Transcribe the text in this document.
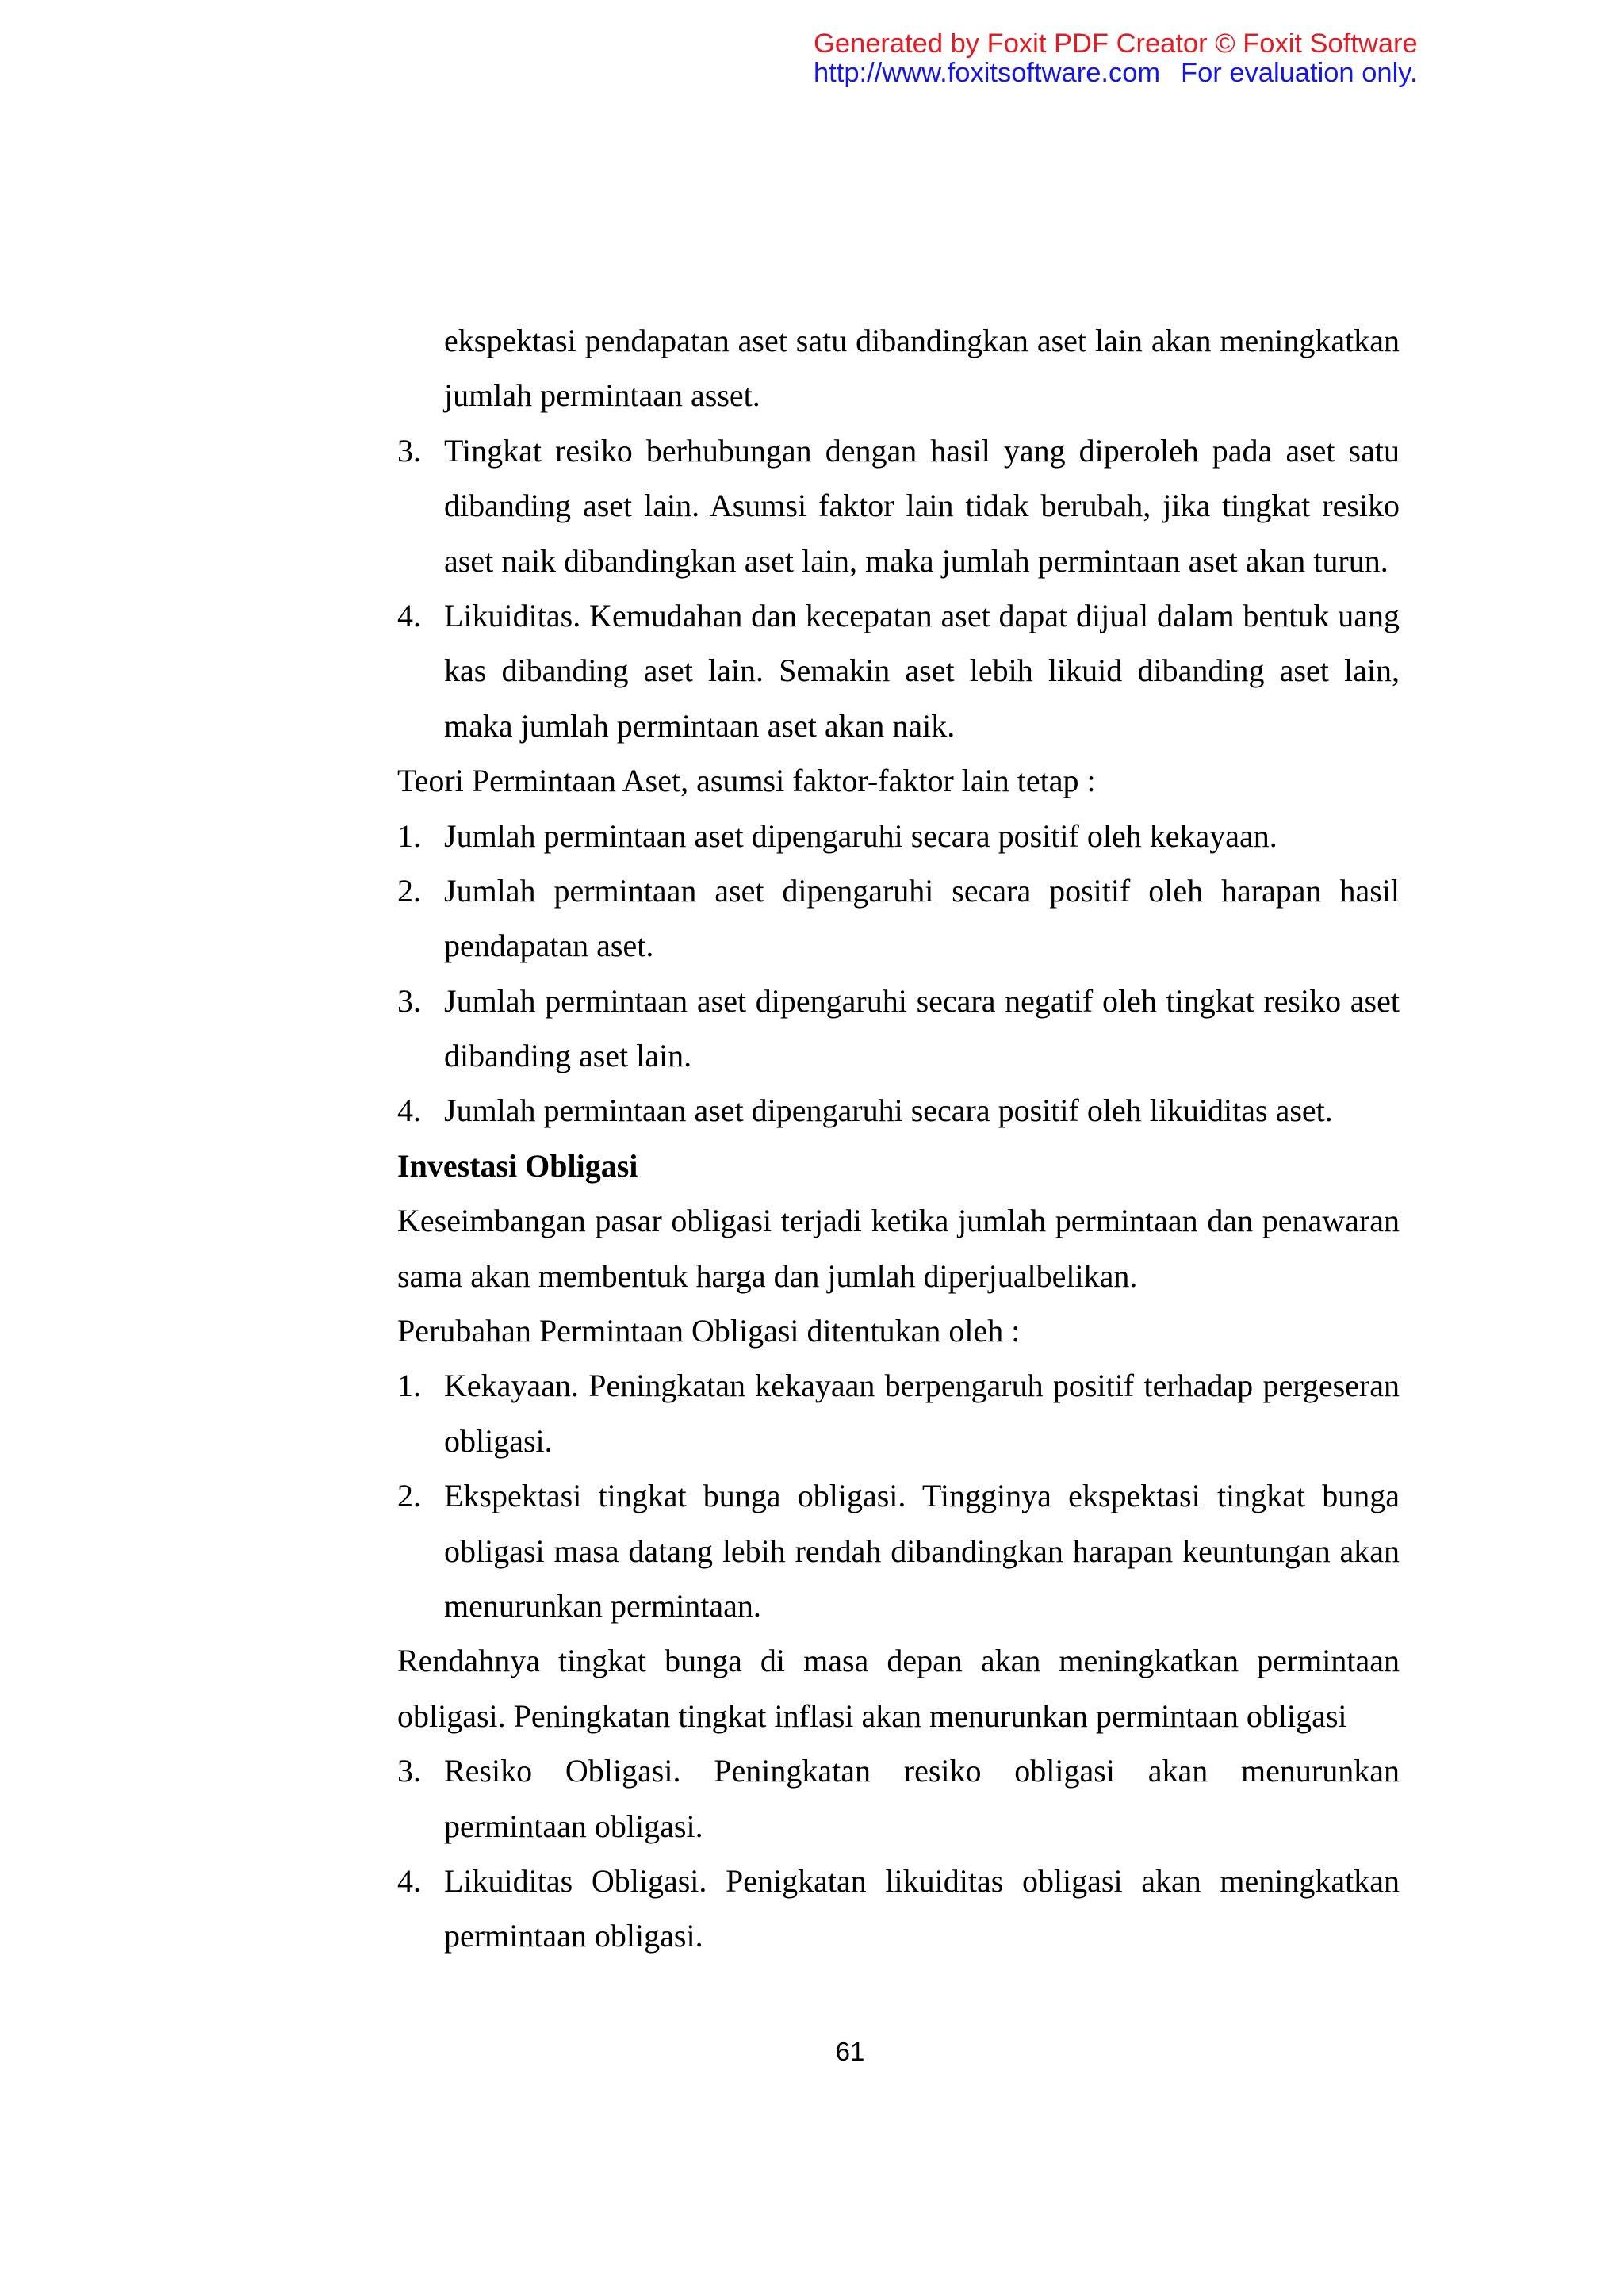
Generated by Foxit PDF Creator © Foxit Software
http://www.foxitsoftware.com For evaluation only.
ekspektasi pendapatan aset satu dibandingkan aset lain akan meningkatkan
jumlah permintaan asset.
3. Tingkat resiko berhubungan dengan hasil yang diperoleh pada aset satu
dibanding aset lain. Asumsi faktor lain tidak berubah, jika tingkat resiko
aset naik dibandingkan aset lain, maka jumlah permintaan aset akan turun.
4. Likuiditas. Kemudahan dan kecepatan aset dapat dijual dalam bentuk uang
kas dibanding aset lain. Semakin aset lebih likuid dibanding aset lain,
maka jumlah permintaan aset akan naik.
Teori Permintaan Aset, asumsi faktor-faktor lain tetap :
1. Jumlah permintaan aset dipengaruhi secara positif oleh kekayaan.
2. Jumlah permintaan aset dipengaruhi secara positif oleh harapan hasil
pendapatan aset.
3. Jumlah permintaan aset dipengaruhi secara negatif oleh tingkat resiko aset
dibanding aset lain.
4. Jumlah permintaan aset dipengaruhi secara positif oleh likuiditas aset.
Investasi Obligasi
Keseimbangan pasar obligasi terjadi ketika jumlah permintaan dan penawaran
sama akan membentuk harga dan jumlah diperjualbelikan.
Perubahan Permintaan Obligasi ditentukan oleh :
1. Kekayaan. Peningkatan kekayaan berpengaruh positif terhadap pergeseran
obligasi.
2. Ekspektasi tingkat bunga obligasi. Tingginya ekspektasi tingkat bunga
obligasi masa datang lebih rendah dibandingkan harapan keuntungan akan
menurunkan permintaan.
Rendahnya tingkat bunga di masa depan akan meningkatkan permintaan
obligasi. Peningkatan tingkat inflasi akan menurunkan permintaan obligasi
3. Resiko Obligasi. Peningkatan resiko obligasi akan menurunkan
permintaan obligasi.
4. Likuiditas Obligasi. Penigkatan likuiditas obligasi akan meningkatkan
permintaan obligasi.
61
